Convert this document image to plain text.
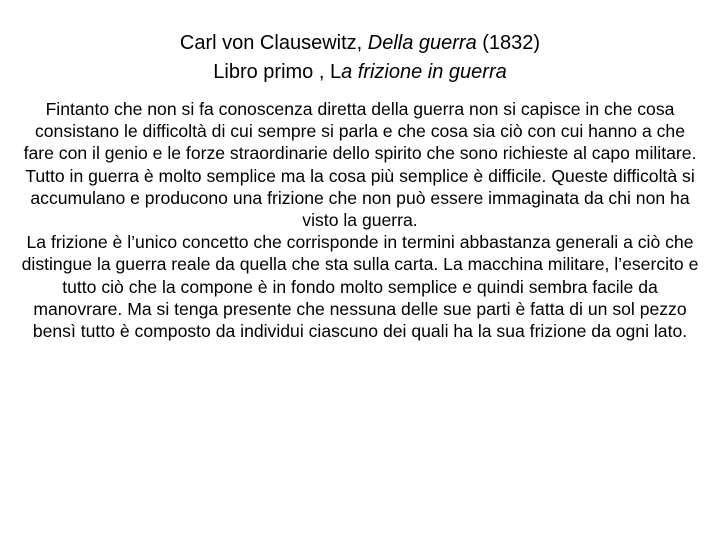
Carl von Clausewitz, Della guerra (1832)
Libro primo , La frizione in guerra

Fintanto che non si fa conoscenza diretta della guerra non si capisce in che cosa consistano le difficoltà di cui sempre si parla e che cosa sia ciò con cui hanno a che fare con il genio e le forze straordinarie dello spirito che sono richieste al capo militare.

Tutto in guerra è molto semplice ma la cosa più semplice è difficile. Queste difficoltà si accumulano e producono una frizione che non può essere immaginata da chi non ha visto la guerra.

La frizione è l’unico concetto che corrisponde in termini abbastanza generali a ciò che distingue la guerra reale da quella che sta sulla carta. La macchina militare, l’esercito e tutto ciò che la compone è in fondo molto semplice e quindi sembra facile da manovrare. Ma si tenga presente che nessuna delle sue parti è fatta di un sol pezzo bensì tutto è composto da individui ciascuno dei quali ha la sua frizione da ogni lato.
